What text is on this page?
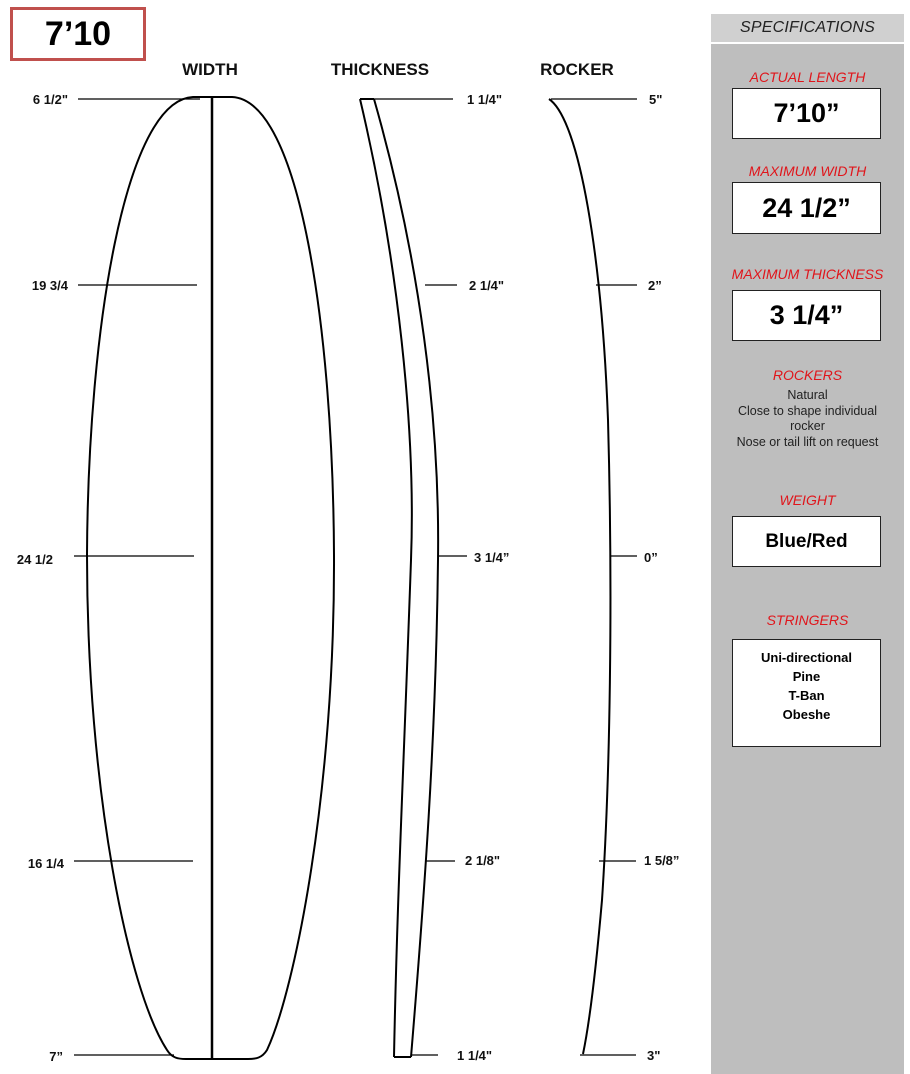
7’10
WIDTH	THICKNESS	ROCKER
6 1/2"
19 3/4
24 1/2
16 1/4
7”
1 1/4"
2 1/4"
3 1/4”
2 1/8"
1 1/4"
5"
2”
0”
1 5/8”
3"
SPECIFICATIONS
ACTUAL LENGTH
7’10”
MAXIMUM WIDTH
24 1/2”
MAXIMUM THICKNESS
3 1/4”
ROCKERS
Natural
Close to shape individual
rocker
Nose or tail lift on request
WEIGHT
Blue/Red
STRINGERS
Uni-directional
Pine
T-Ban
Obeshe
